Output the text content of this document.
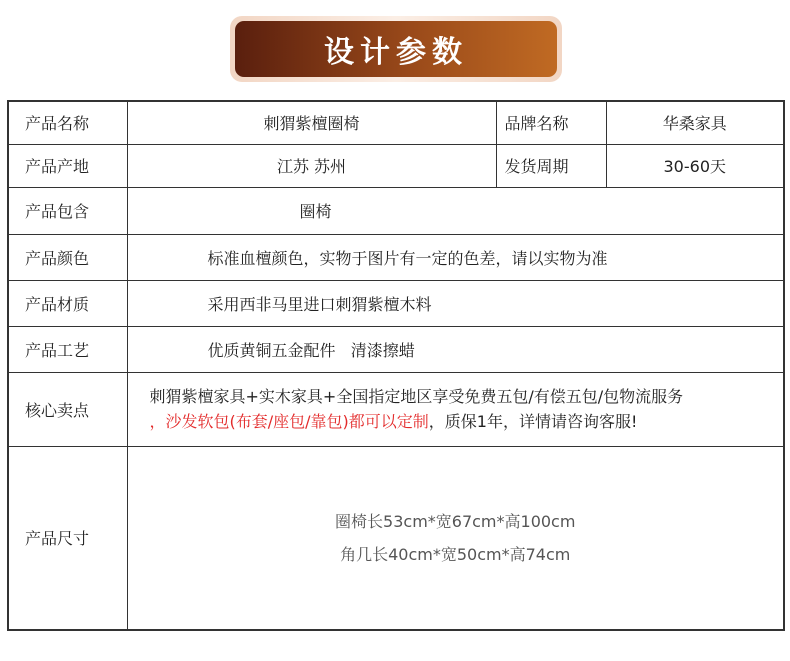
设计参数
产品名称	刺猬紫檀圈椅	品牌名称	华桑家具
产品产地	江苏 苏州	发货周期	30-60天
产品包含	圈椅		
产品颜色	标准血檀颜色，实物于图片有一定的色差，请以实物为准		
产品材质	采用西非马里进口刺猬紫檀木料		
产品工艺	优质黄铜五金配件   清漆擦蜡		
核心卖点	刺猬紫檀家具+实木家具+全国指定地区享受免费五包/有偿五包/包物流服务
，沙发软包(布套/座包/靠包)都可以定制，质保1年，详情请咨询客服!		

产品尺寸	圈椅长53cm*宽67cm*高100cm
角几长40cm*宽50cm*高74cm		
